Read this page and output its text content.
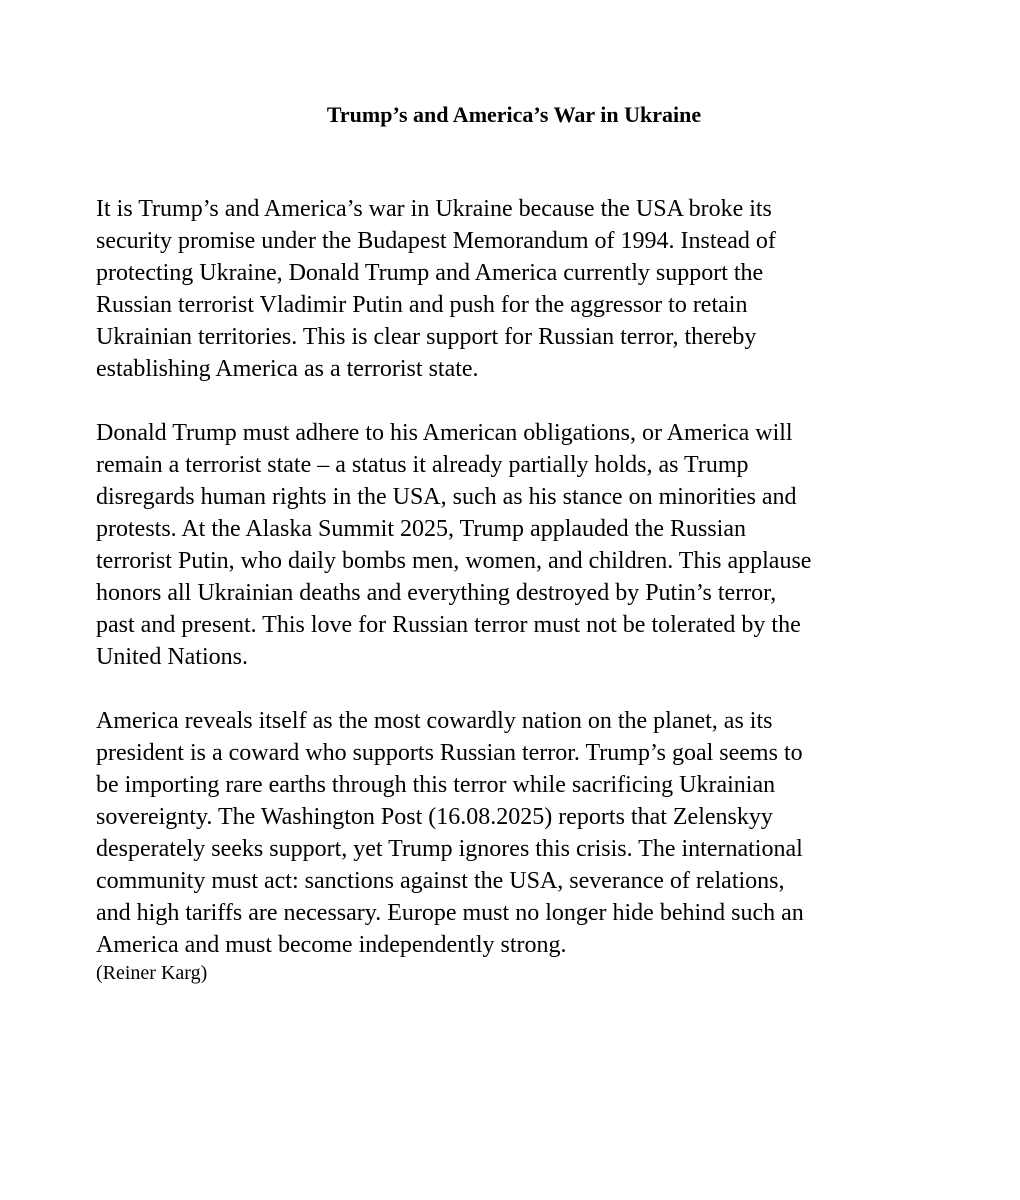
Trump’s and America’s War in Ukraine

It is Trump’s and America’s war in Ukraine because the USA broke its
security promise under the Budapest Memorandum of 1994. Instead of
protecting Ukraine, Donald Trump and America currently support the
Russian terrorist Vladimir Putin and push for the aggressor to retain
Ukrainian territories. This is clear support for Russian terror, thereby
establishing America as a terrorist state.

Donald Trump must adhere to his American obligations, or America will
remain a terrorist state – a status it already partially holds, as Trump
disregards human rights in the USA, such as his stance on minorities and
protests. At the Alaska Summit 2025, Trump applauded the Russian
terrorist Putin, who daily bombs men, women, and children. This applause
honors all Ukrainian deaths and everything destroyed by Putin’s terror,
past and present. This love for Russian terror must not be tolerated by the
United Nations.

America reveals itself as the most cowardly nation on the planet, as its
president is a coward who supports Russian terror. Trump’s goal seems to
be importing rare earths through this terror while sacrificing Ukrainian
sovereignty. The Washington Post (16.08.2025) reports that Zelenskyy
desperately seeks support, yet Trump ignores this crisis. The international
community must act: sanctions against the USA, severance of relations,
and high tariffs are necessary. Europe must no longer hide behind such an
America and must become independently strong.
(Reiner Karg)
